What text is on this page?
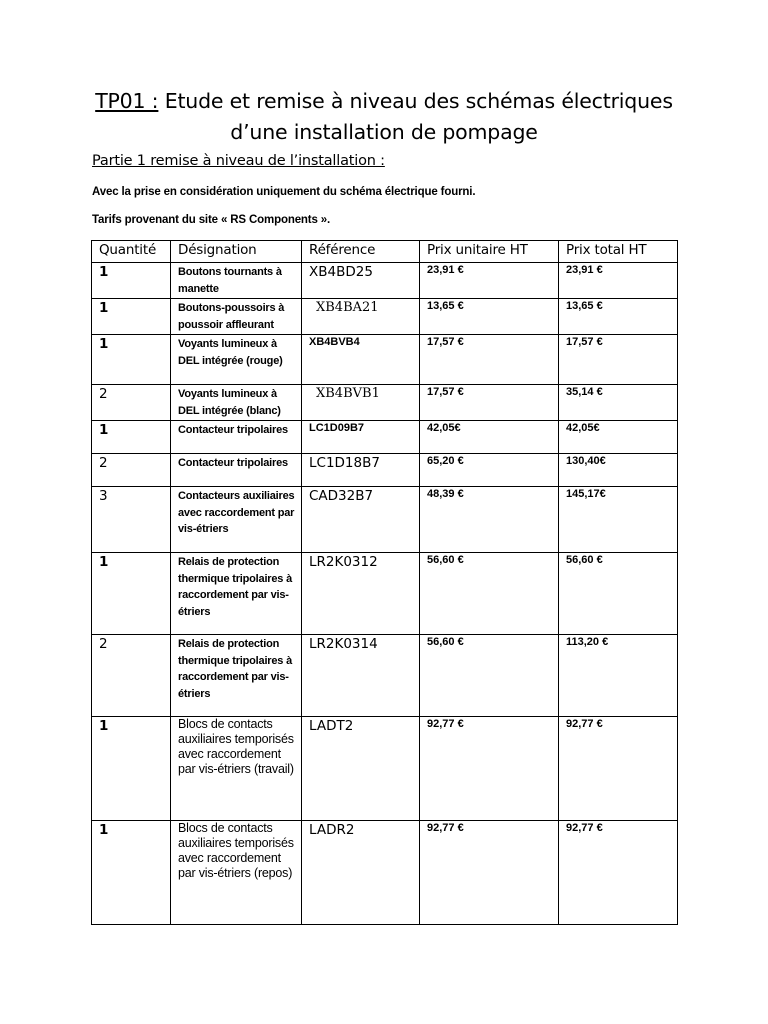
TP01 : Etude et remise à niveau des schémas électriques
d’une installation de pompage
Partie 1 remise à niveau de l’installation :
Avec la prise en considération uniquement du schéma électrique fourni.
Tarifs provenant du site « RS Components ».
Quantité	Désignation	Référence	Prix unitaire HT	Prix total HT
1	Boutons tournants à manette	XB4BD25	23,91 €	23,91 €
1	Boutons-poussoirs à poussoir affleurant	XB4BA21	13,65 €	13,65 €
1	Voyants lumineux à DEL intégrée (rouge)	XB4BVB4	17,57 €	17,57 €
2	Voyants lumineux à DEL intégrée (blanc)	XB4BVB1	17,57 €	35,14 €
1	Contacteur tripolaires	LC1D09B7	42,05€	42,05€
2	Contacteur tripolaires	LC1D18B7	65,20 €	130,40€
3	Contacteurs auxiliaires avec raccordement par vis-étriers	CAD32B7	48,39 €	145,17€
1	Relais de protection thermique tripolaires à raccordement par vis-étriers	LR2K0312	56,60 €	56,60 €
2	Relais de protection thermique tripolaires à raccordement par vis-étriers	LR2K0314	56,60 €	113,20 €
1	Blocs de contacts auxiliaires temporisés avec raccordement par vis-étriers (travail)	LADT2	92,77 €	92,77 €
1	Blocs de contacts auxiliaires temporisés avec raccordement par vis-étriers (repos)	LADR2	92,77 €	92,77 €
